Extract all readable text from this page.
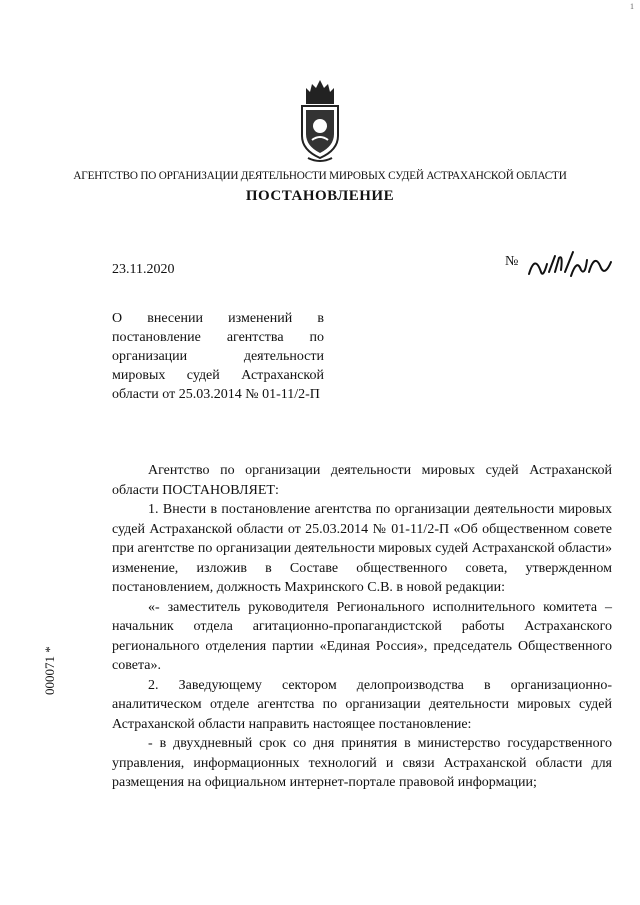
1
АГЕНТСТВО ПО ОРГАНИЗАЦИИ ДЕЯТЕЛЬНОСТИ МИРОВЫХ СУДЕЙ АСТРАХАНСКОЙ ОБЛАСТИ
ПОСТАНОВЛЕНИЕ
23.11.2020
№
О внесении изменений в постановление агентства по организации деятельности мировых судей Астраханской области от 25.03.2014 № 01-11/2-П

Агентство по организации деятельности мировых судей Астраханской области ПОСТАНОВЛЯЕТ:

1. Внести в постановление агентства по организации деятельности мировых судей Астраханской области от 25.03.2014 № 01-11/2-П «Об общественном совете при агентстве по организации деятельности мировых судей Астраханской области» изменение, изложив в Составе общественного совета, утвержденном постановлением, должность Махринского С.В. в новой редакции:

«- заместитель руководителя Регионального исполнительного комитета – начальник отдела агитационно-пропагандистской работы Астраханского регионального отделения партии «Единая Россия», председатель Общественного совета».

2. Заведующему сектором делопроизводства в организационно-аналитическом отделе агентства по организации деятельности мировых судей Астраханской области направить настоящее постановление:

- в двухдневный срок со дня принятия в министерство государственного управления, информационных технологий и связи Астраханской области для размещения на официальном интернет-портале правовой информации;

000071 *
